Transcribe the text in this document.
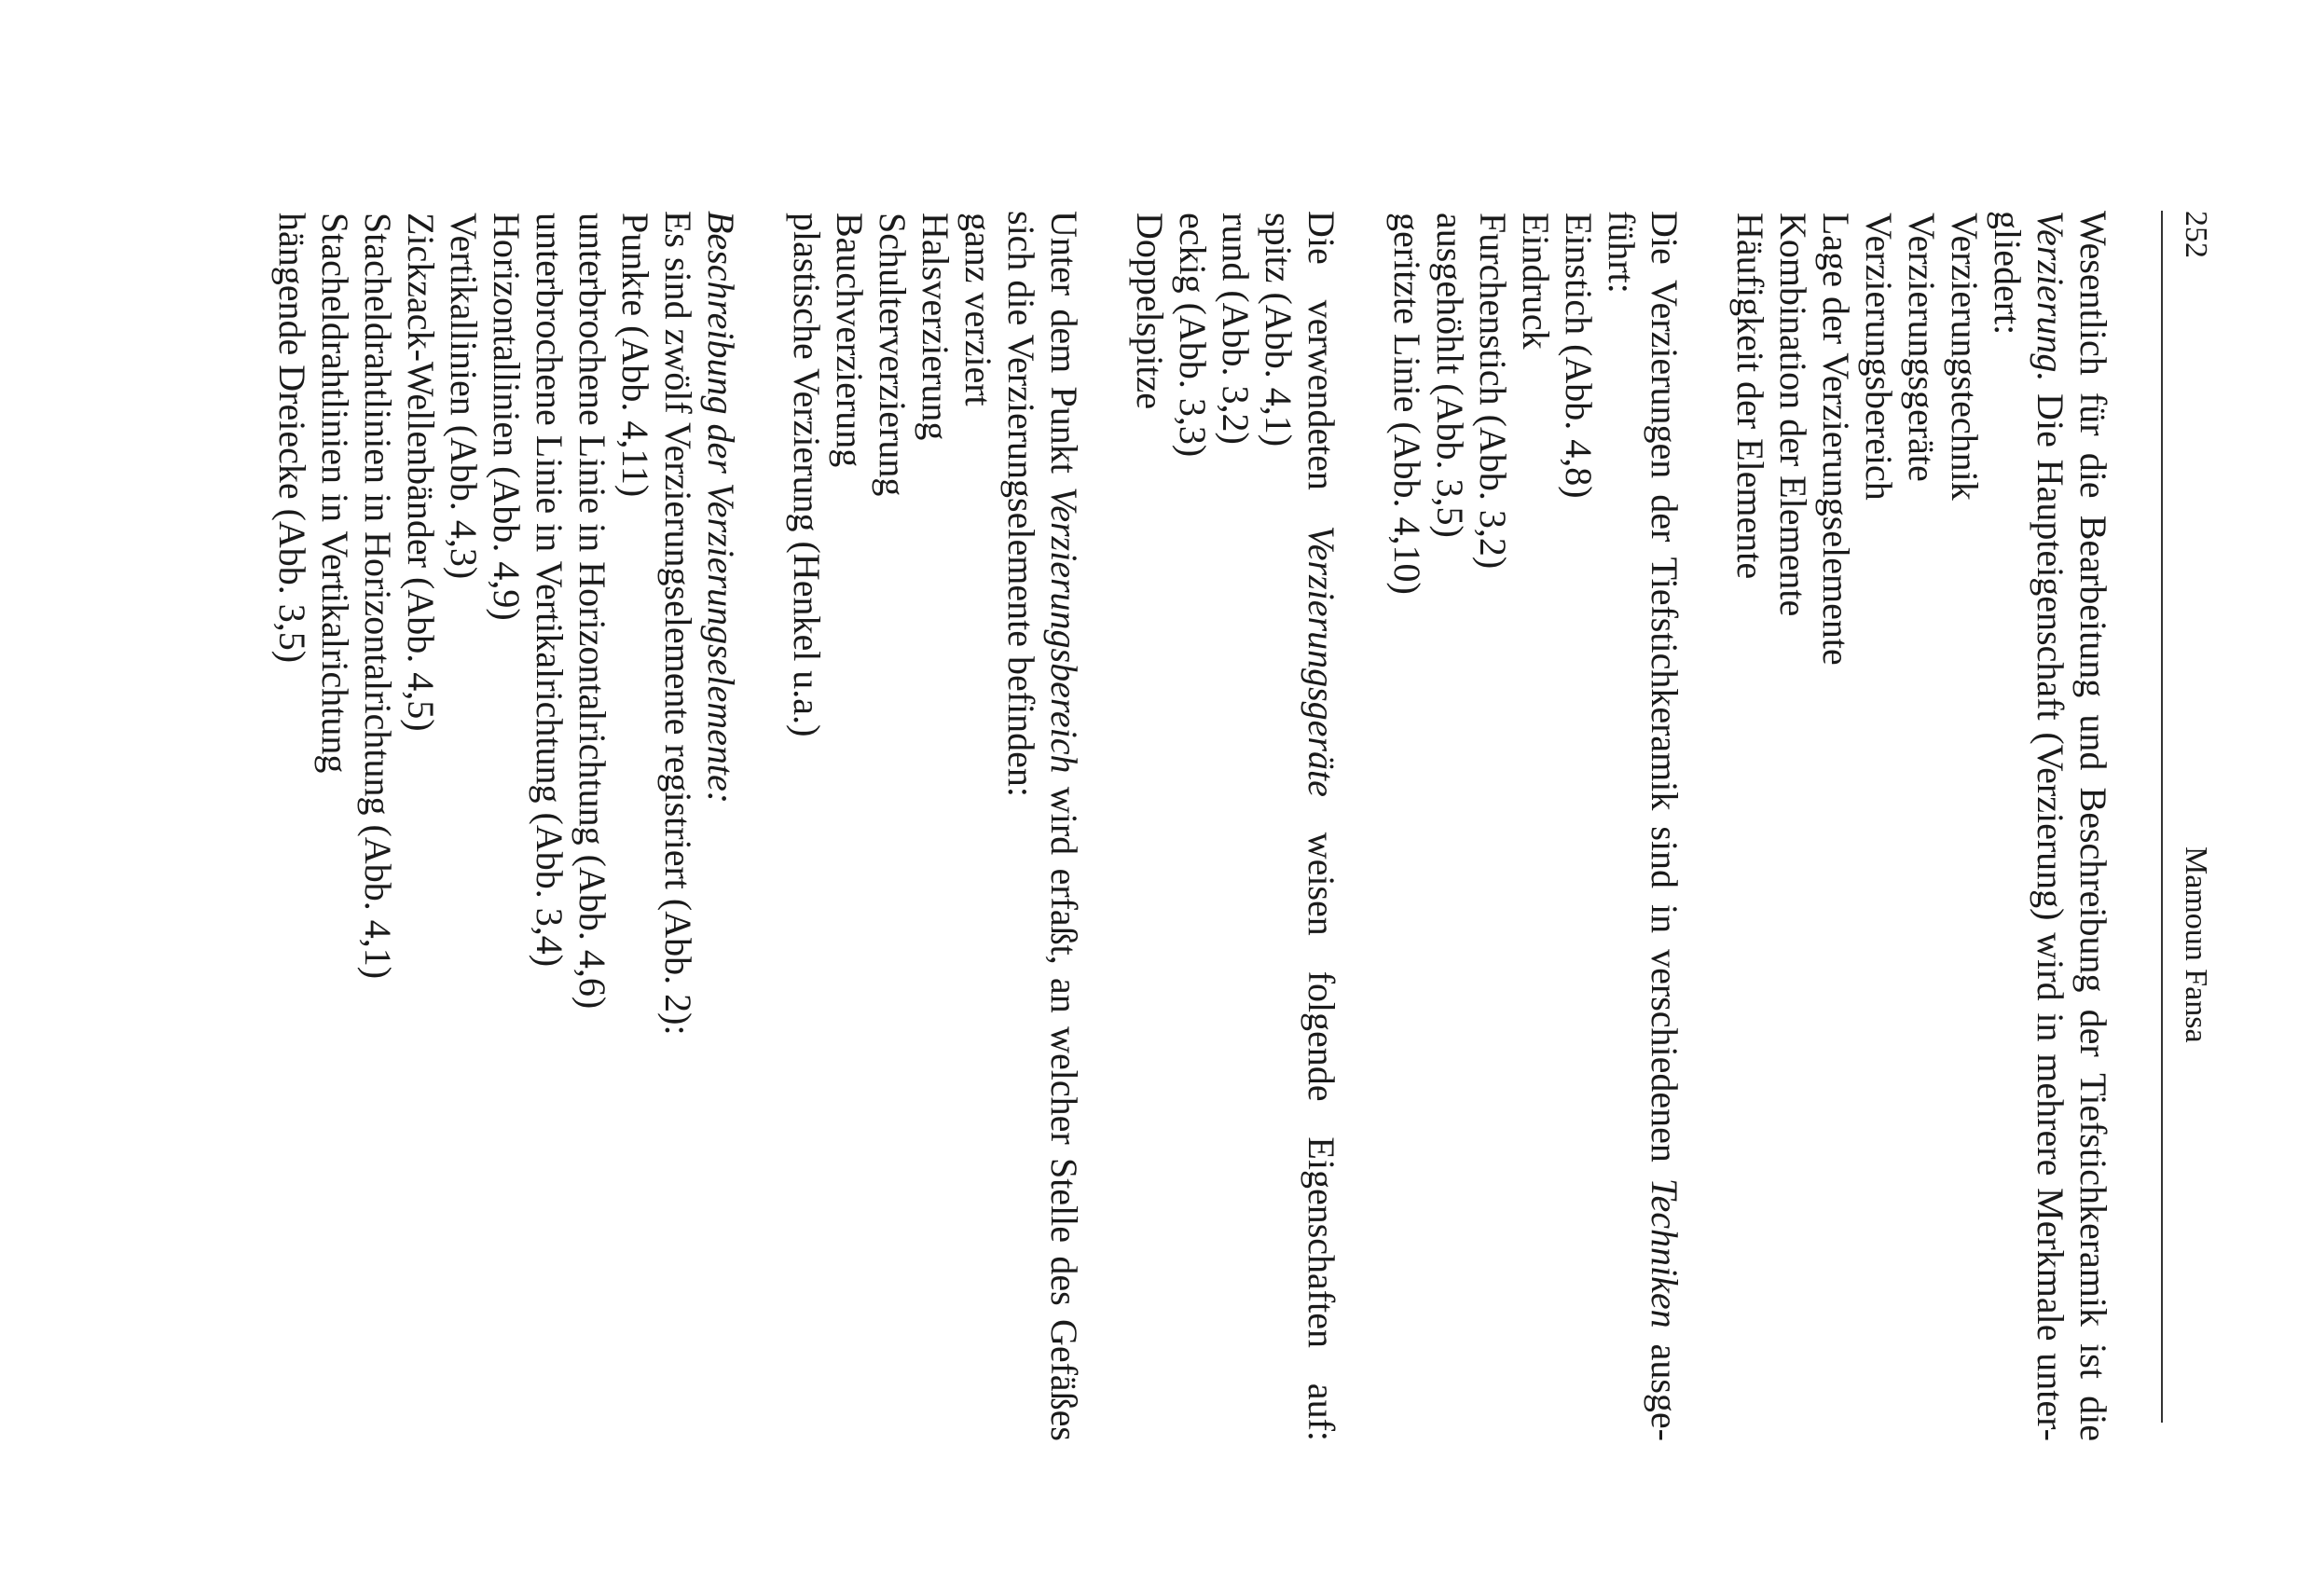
252
Mamoun Fansa
Wesentlich für die Bearbeitung und Beschreibung der Tiefstichkeramik ist die
Verzierung. Die Haupteigenschaft (Verzierung) wird in mehrere Merkmale unter-
gliedert:
Verzierungstechnik
Verzierungsgeräte
Verzierungsbereich
Lage der Verzierungselemente
Kombination der Elemente
Häufigkeit der Elemente
Die Verzierungen der Tiefstichkeramik sind in verschiedenen Techniken ausge-
führt:
Einstich (Abb. 4,8)
Eindruck
Furchenstich (Abb. 3,2)
ausgehöhlt (Abb. 3,5)
geritzte Linie (Abb. 4,10)
Die verwendeten Verzierungsgeräte weisen folgende Eigenschaften auf:
spitz (Abb. 4,1)
rund (Abb. 3,2)
eckig (Abb. 3,3)
Doppelspitze
Unter dem Punkt Verzierungsbereich wird erfaßt, an welcher Stelle des Gefäßes
sich die Verzierungselemente befinden:
ganz verziert
Halsverzierung
Schulterverzierung
Bauchverzierung
plastische Verzierung (Henkel u.a.)
Beschreibung der Verzierungselemente:
Es sind zwölf Verzierungselemente registriert (Abb. 2):
Punkte (Abb. 4,11)
unterbrochene Linie in Horizontalrichtung (Abb. 4,6)
unterbrochene Linie in Vertikalrichtung (Abb. 3,4)
Horizontallinien (Abb. 4,9)
Vertikallinien (Abb. 4,3)
Zickzack-Wellenbänder (Abb. 4,5)
Stacheldrahtlinien in Horizontalrichtung (Abb. 4,1)
Stacheldrahtlinien in Vertikalrichtung
hängende Dreiecke (Abb. 3,5)
